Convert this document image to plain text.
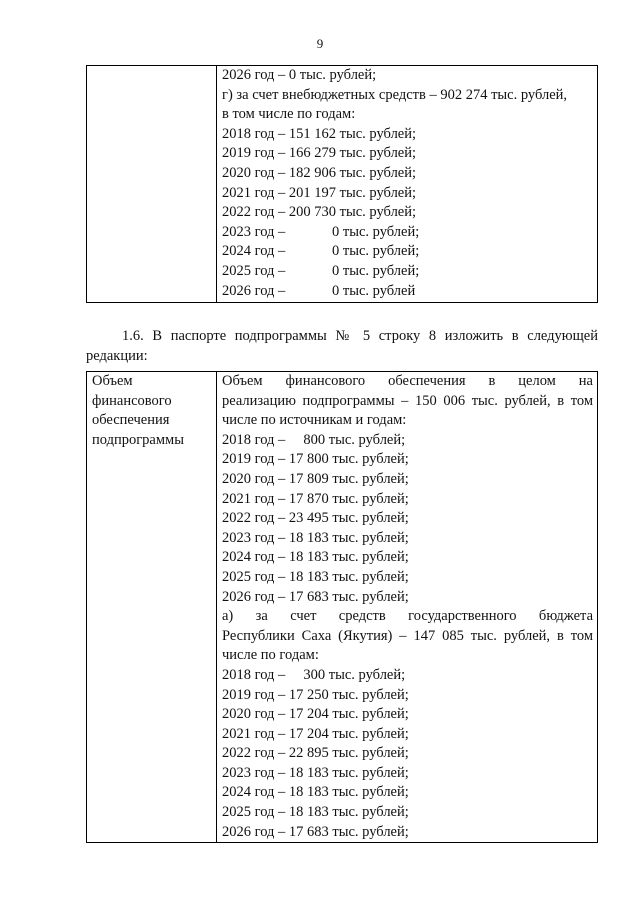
9

2026 год – 0 тыс. рублей;
г) за счет внебюджетных средств – 902 274 тыс. рублей,
в том числе по годам:
2018 год – 151 162 тыс. рублей;
2019 год – 166 279 тыс. рублей;
2020 год – 182 906 тыс. рублей;
2021 год – 201 197 тыс. рублей;
2022 год – 200 730 тыс. рублей;
2023 год –	0 тыс. рублей;
2024 год –	0 тыс. рублей;
2025 год –	0 тыс. рублей;
2026 год –	0 тыс. рублей
1.6. В паспорте подпрограммы № 5 строку 8 изложить в следующей
редакции:
Объем
финансового
обеспечения
подпрограммы

Объем финансового обеспечения в целом на
реализацию подпрограммы – 150 006 тыс. рублей, в том
числе по источникам и годам:
2018 год –     800 тыс. рублей;
2019 год – 17 800 тыс. рублей;
2020 год – 17 809 тыс. рублей;
2021 год – 17 870 тыс. рублей;
2022 год – 23 495 тыс. рублей;
2023 год – 18 183 тыс. рублей;
2024 год – 18 183 тыс. рублей;
2025 год – 18 183 тыс. рублей;
2026 год – 17 683 тыс. рублей;
а) за счет средств государственного бюджета
Республики Саха (Якутия) – 147 085 тыс. рублей, в том
числе по годам:
2018 год –     300 тыс. рублей;
2019 год – 17 250 тыс. рублей;
2020 год – 17 204 тыс. рублей;
2021 год – 17 204 тыс. рублей;
2022 год – 22 895 тыс. рублей;
2023 год – 18 183 тыс. рублей;
2024 год – 18 183 тыс. рублей;
2025 год – 18 183 тыс. рублей;
2026 год – 17 683 тыс. рублей;
